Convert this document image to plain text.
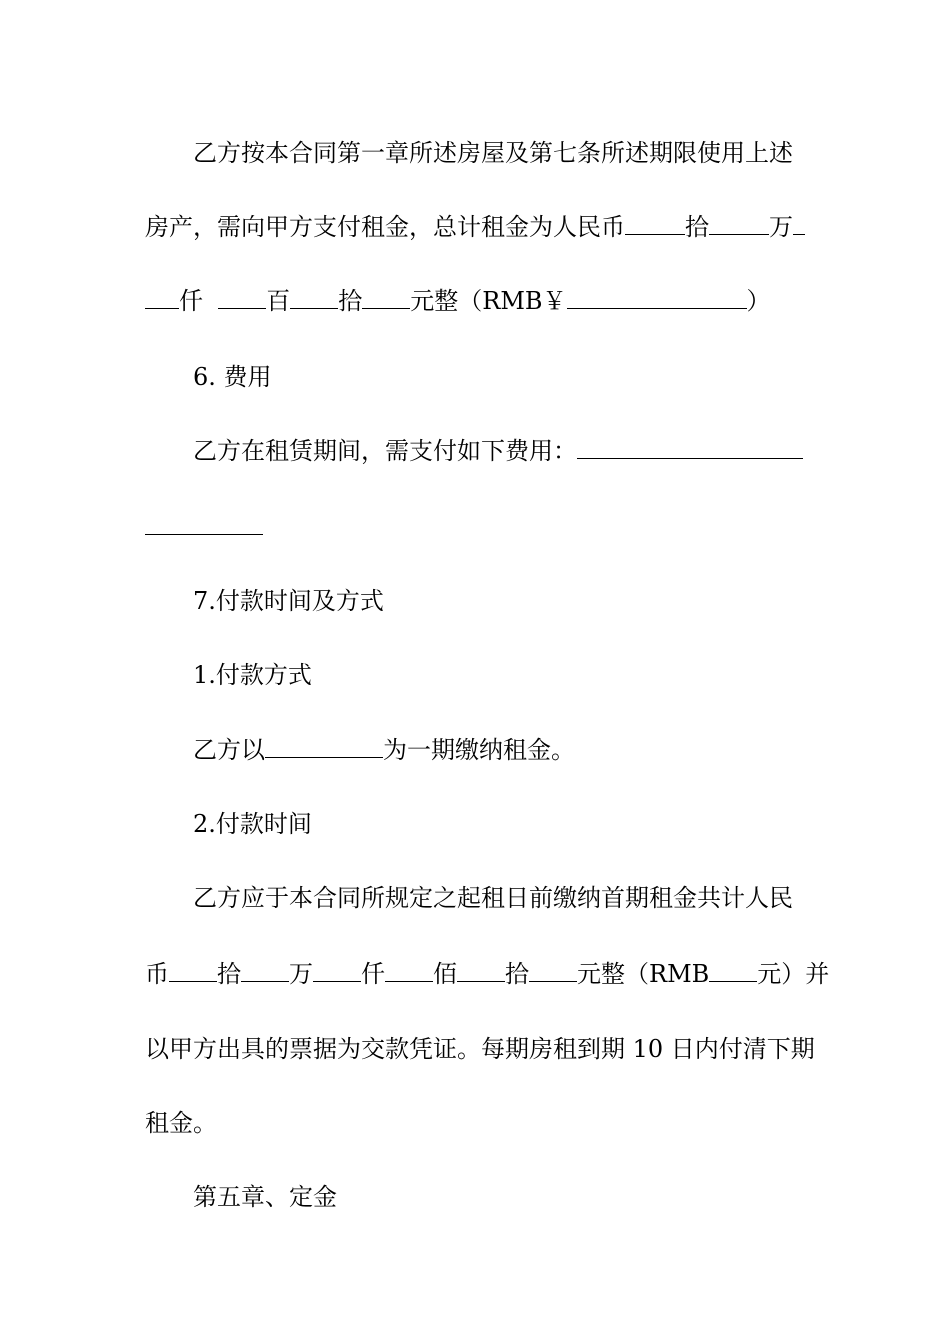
乙方按本合同第一章所述房屋及第七条所述期限使用上述

房产，需向甲方支付租金，总计租金为人民币	拾	万

仟	百 拾 元整（RMB￥	）

6. 费用

乙方在租赁期间，需支付如下费用：

7.付款时间及方式

1.付款方式

乙方以	为一期缴纳租金。

2.付款时间

乙方应于本合同所规定之起租日前缴纳首期租金共计人民

币 拾 万 仟 佰 拾 元整（RMB 元）并

以甲方出具的票据为交款凭证。每期房租到期 10 日内付清下期

租金。

第五章、定金
